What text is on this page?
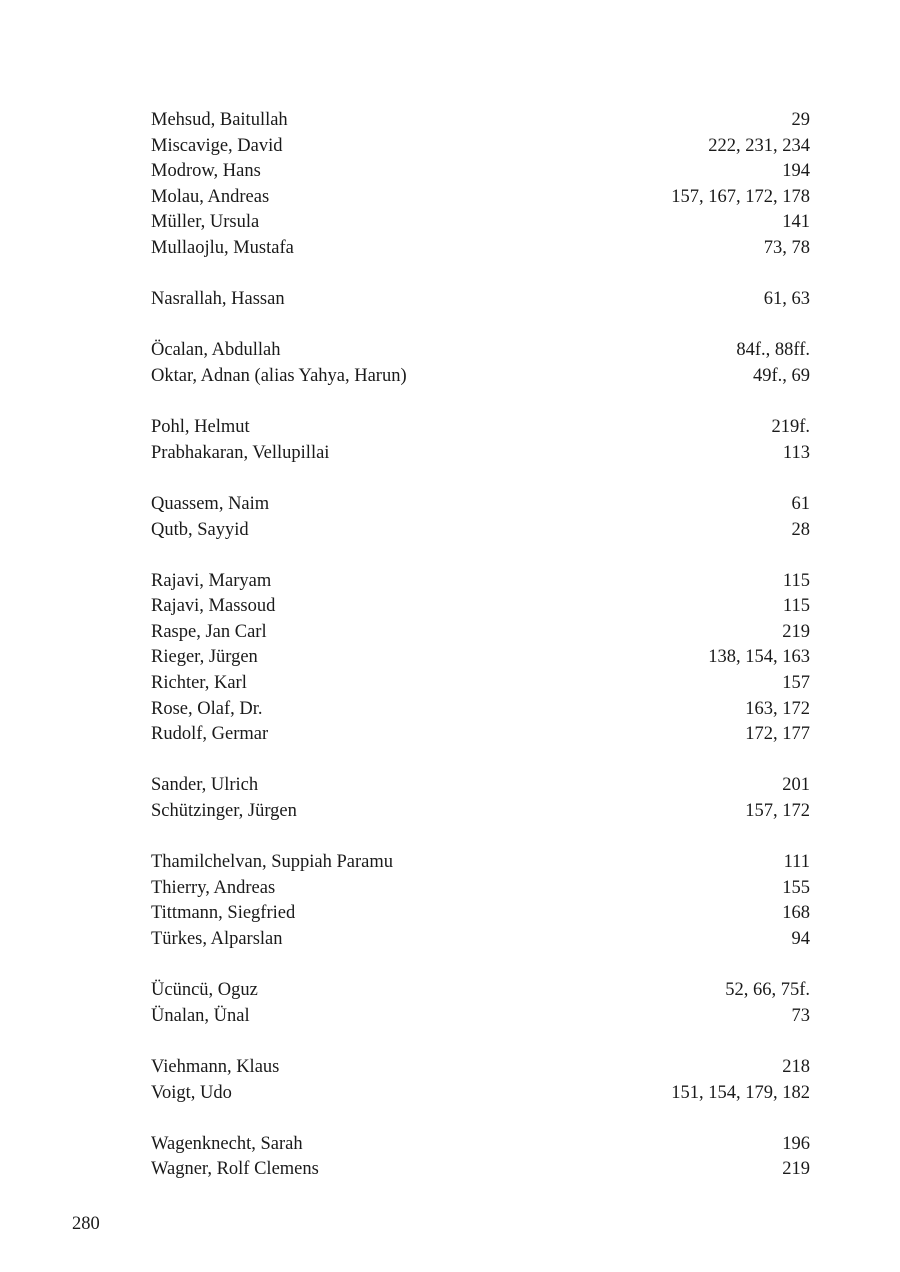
Mehsud, Baitullah	29
Miscavige, David	222, 231, 234
Modrow, Hans	194
Molau, Andreas	157, 167, 172, 178
Müller, Ursula	141
Mullaojlu, Mustafa	73, 78
Nasrallah, Hassan	61, 63
Öcalan, Abdullah	84f., 88ff.
Oktar, Adnan (alias Yahya, Harun)	49f., 69
Pohl, Helmut	219f.
Prabhakaran, Vellupillai	113
Quassem, Naim	61
Qutb, Sayyid	28
Rajavi, Maryam	115
Rajavi, Massoud	115
Raspe, Jan Carl	219
Rieger, Jürgen	138, 154, 163
Richter, Karl	157
Rose, Olaf, Dr.	163, 172
Rudolf, Germar	172, 177
Sander, Ulrich	201
Schützinger, Jürgen	157, 172
Thamilchelvan, Suppiah Paramu	111
Thierry, Andreas	155
Tittmann, Siegfried	168
Türkes, Alparslan	94
Ücüncü, Oguz	52, 66, 75f.
Ünalan, Ünal	73
Viehmann, Klaus	218
Voigt, Udo	151, 154, 179, 182
Wagenknecht, Sarah	196
Wagner, Rolf Clemens	219
280
